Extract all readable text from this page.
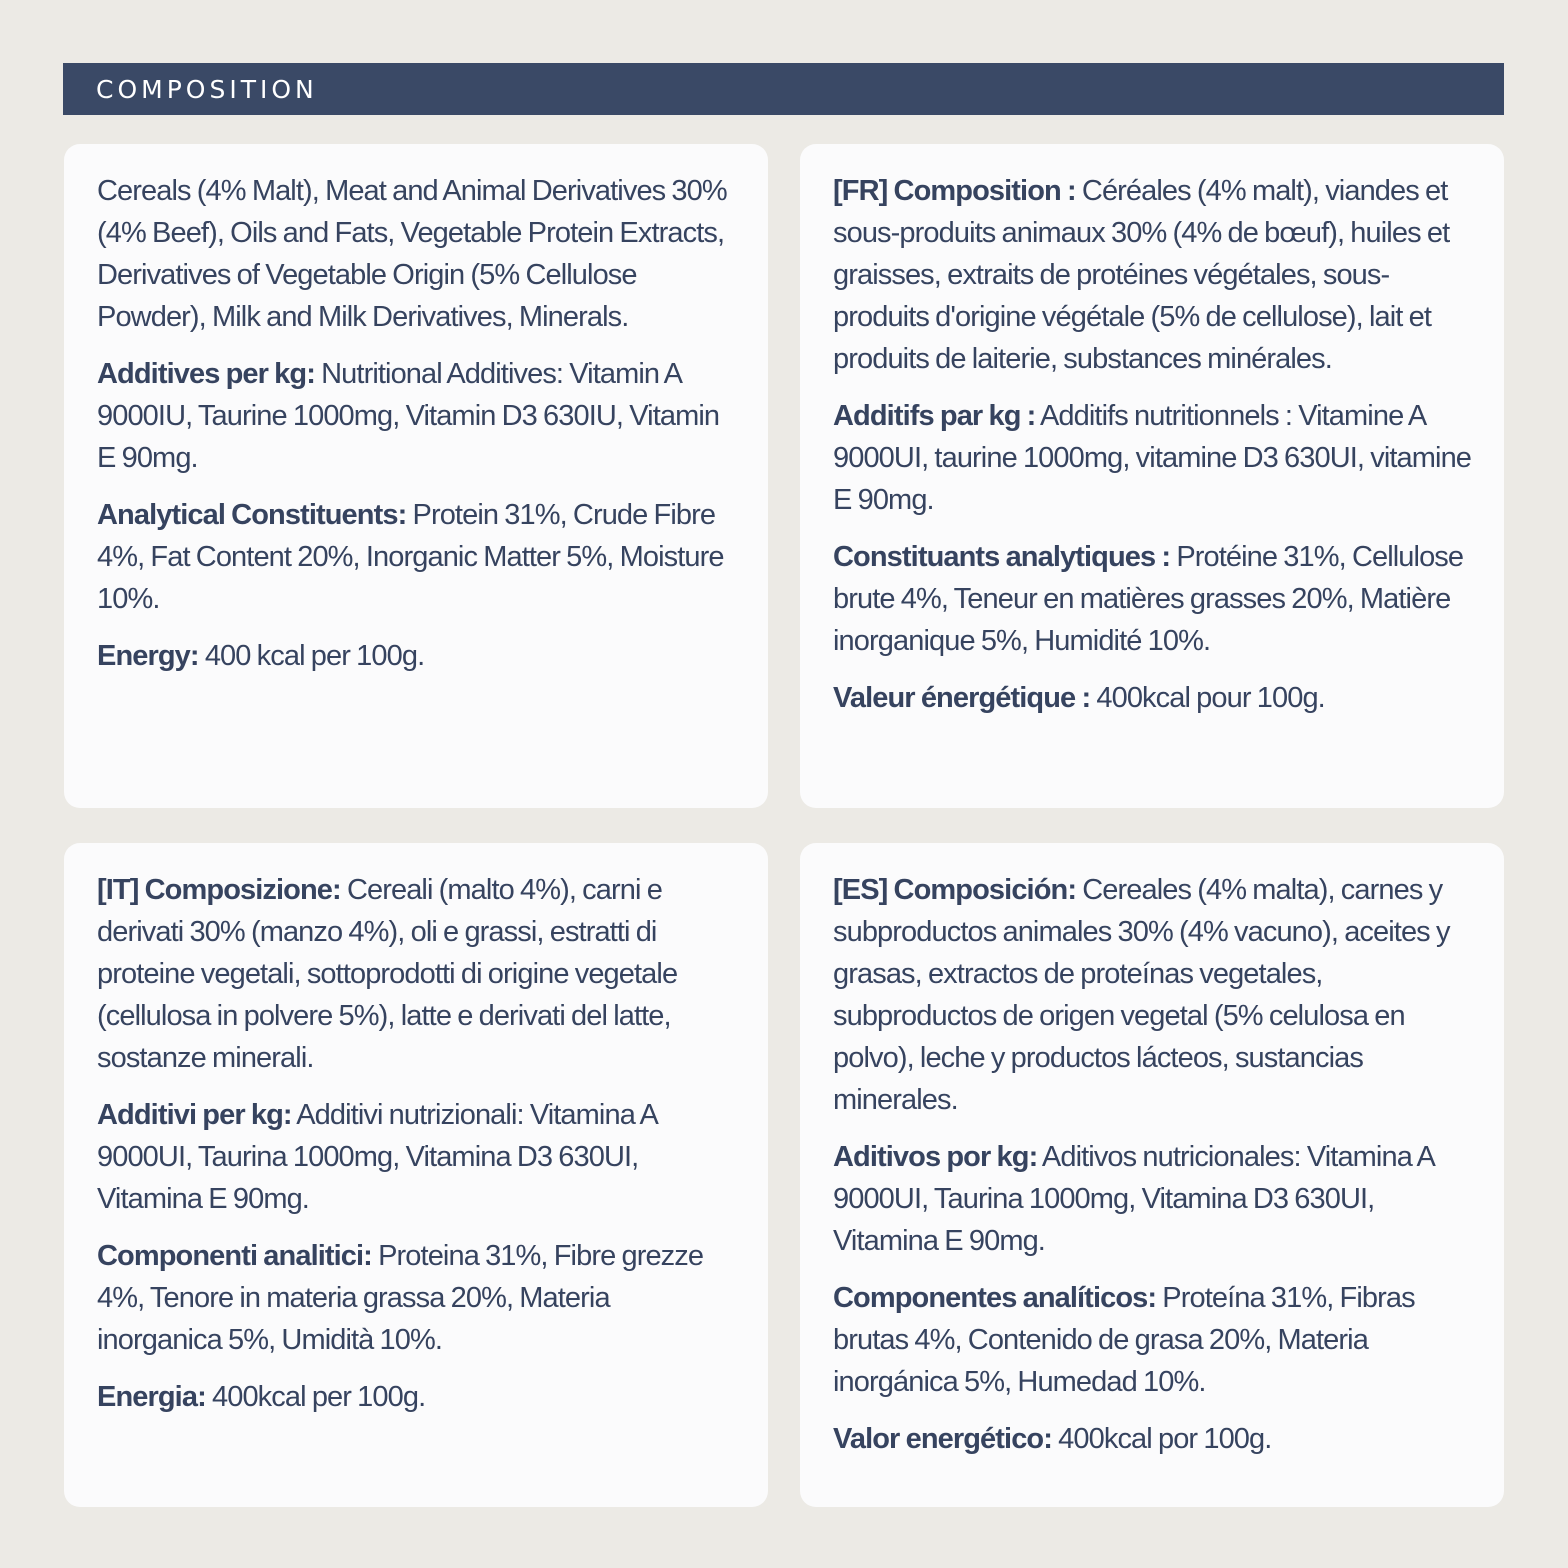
COMPOSITION

Cereals (4% Malt), Meat and Animal Derivatives 30% (4% Beef), Oils and Fats, Vegetable Protein Extracts, Derivatives of Vegetable Origin (5% Cellulose Powder), Milk and Milk Derivatives, Minerals.

Additives per kg: Nutritional Additives: Vitamin A 9000IU, Taurine 1000mg, Vitamin D3 630IU, Vitamin E 90mg.

Analytical Constituents: Protein 31%, Crude Fibre 4%, Fat Content 20%, Inorganic Matter 5%, Moisture 10%.

Energy: 400 kcal per 100g.

[FR] Composition : Céréales (4% malt), viandes et sous-produits animaux 30% (4% de bœuf), huiles et graisses, extraits de protéines végétales, sous-produits d'origine végétale (5% de cellulose), lait et produits de laiterie, substances minérales.

Additifs par kg : Additifs nutritionnels : Vitamine A 9000UI, taurine 1000mg, vitamine D3 630UI, vitamine E 90mg.

Constituants analytiques : Protéine 31%, Cellulose brute 4%, Teneur en matières grasses 20%, Matière inorganique 5%, Humidité 10%.

Valeur énergétique : 400kcal pour 100g.

[IT] Composizione: Cereali (malto 4%), carni e derivati 30% (manzo 4%), oli e grassi, estratti di proteine vegetali, sottoprodotti di origine vegetale (cellulosa in polvere 5%), latte e derivati del latte, sostanze minerali.

Additivi per kg: Additivi nutrizionali: Vitamina A 9000UI, Taurina 1000mg, Vitamina D3 630UI, Vitamina E 90mg.

Componenti analitici: Proteina 31%, Fibre grezze 4%, Tenore in materia grassa 20%, Materia inorganica 5%, Umidità 10%.

Energia: 400kcal per 100g.

[ES] Composición: Cereales (4% malta), carnes y subproductos animales 30% (4% vacuno), aceites y grasas, extractos de proteínas vegetales, subproductos de origen vegetal (5% celulosa en polvo), leche y productos lácteos, sustancias minerales.

Aditivos por kg: Aditivos nutricionales: Vitamina A 9000UI, Taurina 1000mg, Vitamina D3 630UI, Vitamina E 90mg.

Componentes analíticos: Proteína 31%, Fibras brutas 4%, Contenido de grasa 20%, Materia inorgánica 5%, Humedad 10%.

Valor energético: 400kcal por 100g.
